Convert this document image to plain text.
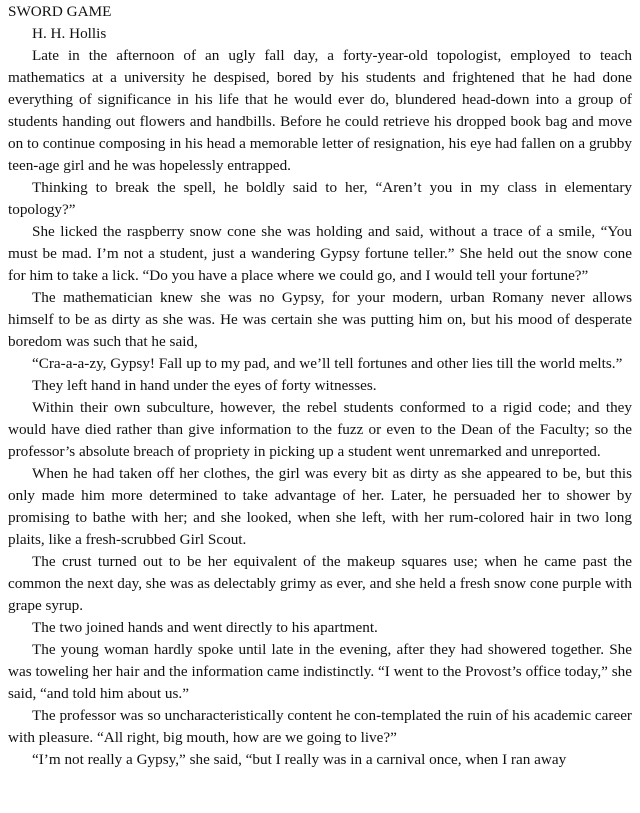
SWORD GAME

H. H. Hollis

Late in the afternoon of an ugly fall day, a forty-year-old topologist, employed to teach mathematics at a university he despised, bored by his students and frightened that he had done everything of significance in his life that he would ever do, blundered head-down into a group of students handing out flowers and handbills. Before he could retrieve his dropped book bag and move on to continue composing in his head a memorable letter of resignation, his eye had fallen on a grubby teen-age girl and he was hopelessly entrapped.

Thinking to break the spell, he boldly said to her, “Aren’t you in my class in elementary topology?”

She licked the raspberry snow cone she was holding and said, without a trace of a smile, “You must be mad. I’m not a student, just a wandering Gypsy fortune teller.” She held out the snow cone for him to take a lick. “Do you have a place where we could go, and I would tell your fortune?”

The mathematician knew she was no Gypsy, for your modern, urban Romany never allows himself to be as dirty as she was. He was certain she was putting him on, but his mood of desperate boredom was such that he said,

“Cra-a-a-zy, Gypsy! Fall up to my pad, and we’ll tell fortunes and other lies till the world melts.”

They left hand in hand under the eyes of forty witnesses.

Within their own subculture, however, the rebel students conformed to a rigid code; and they would have died rather than give information to the fuzz or even to the Dean of the Faculty; so the professor’s absolute breach of propriety in picking up a student went unremarked and unreported.

When he had taken off her clothes, the girl was every bit as dirty as she appeared to be, but this only made him more determined to take advantage of her. Later, he persuaded her to shower by promising to bathe with her; and she looked, when she left, with her rum-colored hair in two long plaits, like a fresh-scrubbed Girl Scout.

The crust turned out to be her equivalent of the makeup squares use; when he came past the common the next day, she was as delectably grimy as ever, and she held a fresh snow cone purple with grape syrup.

The two joined hands and went directly to his apartment.

The young woman hardly spoke until late in the evening, after they had showered together. She was toweling her hair and the information came indistinctly. “I went to the Provost’s office today,” she said, “and told him about us.”

The professor was so uncharacteristically content he con-templated the ruin of his academic career with pleasure. “All right, big mouth, how are we going to live?”

“I’m not really a Gypsy,” she said, “but I really was in a carnival once, when I ran away
